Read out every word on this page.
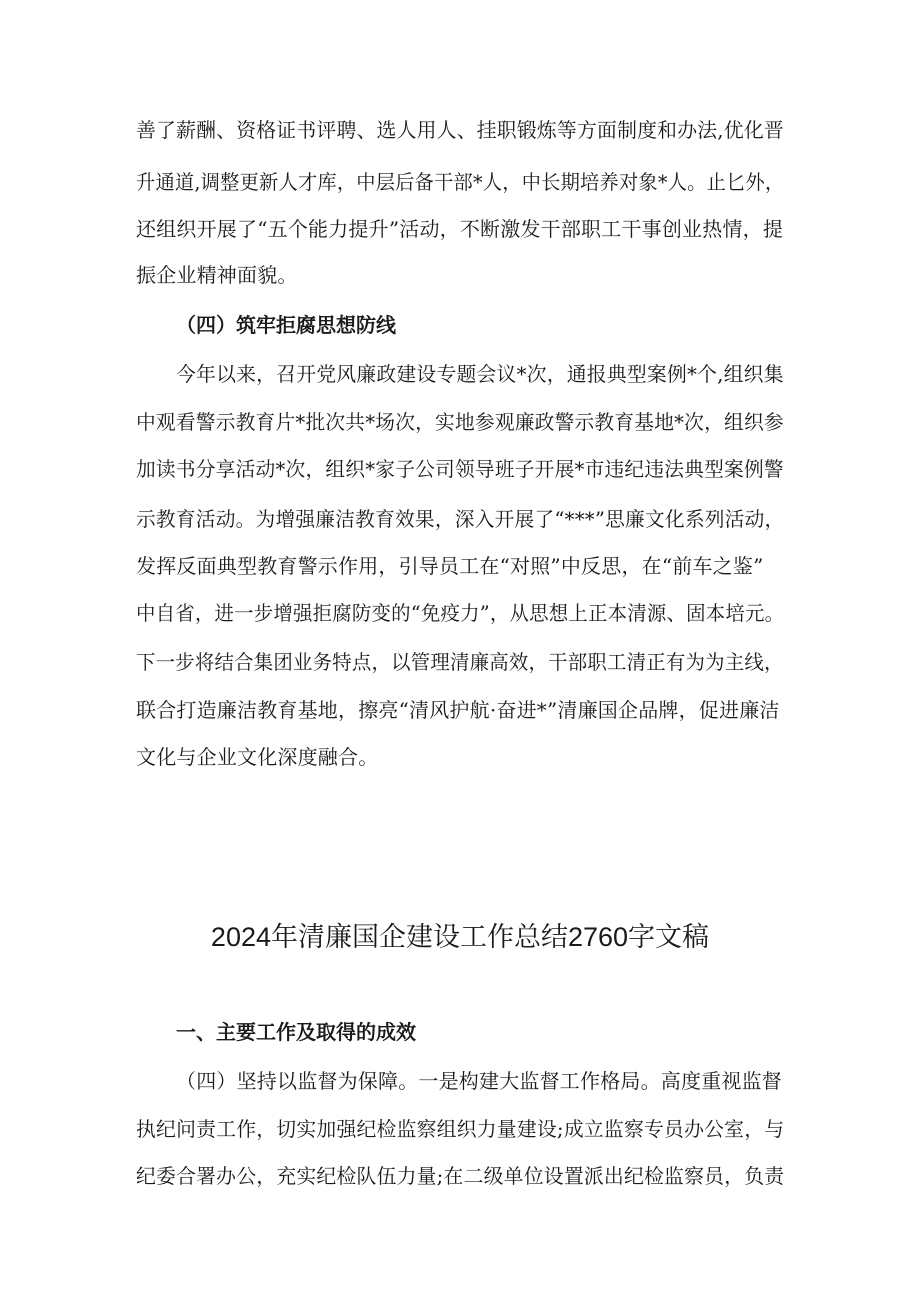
善了薪酬、资格证书评聘、选人用人、挂职锻炼等方面制度和办法,优化晋
升通道,调整更新人才库，中层后备干部*人，中长期培养对象*人。止匕外，
还组织开展了“五个能力提升”活动，不断激发干部职工干事创业热情，提
振企业精神面貌。
（四）筑牢拒腐思想防线
今年以来，召开党风廉政建设专题会议*次，通报典型案例*个,组织集
中观看警示教育片*批次共*场次，实地参观廉政警示教育基地*次，组织参
加读书分享活动*次，组织*家子公司领导班子开展*市违纪违法典型案例警
示教育活动。为增强廉洁教育效果，深入开展了“***”思廉文化系列活动，
发挥反面典型教育警示作用，引导员工在“对照”中反思，在“前车之鉴”
中自省，进一步增强拒腐防变的“免疫力”，从思想上正本清源、固本培元。
下一步将结合集团业务特点，以管理清廉高效，干部职工清正有为为主线，
联合打造廉洁教育基地，擦亮“清风护航·奋进*”清廉国企品牌，促进廉洁
文化与企业文化深度融合。
2024年清廉国企建设工作总结2760字文稿
一、主要工作及取得的成效
（四）坚持以监督为保障。一是构建大监督工作格局。高度重视监督
执纪问责工作，切实加强纪检监察组织力量建设;成立监察专员办公室，与
纪委合署办公，充实纪检队伍力量;在二级单位设置派出纪检监察员，负责
